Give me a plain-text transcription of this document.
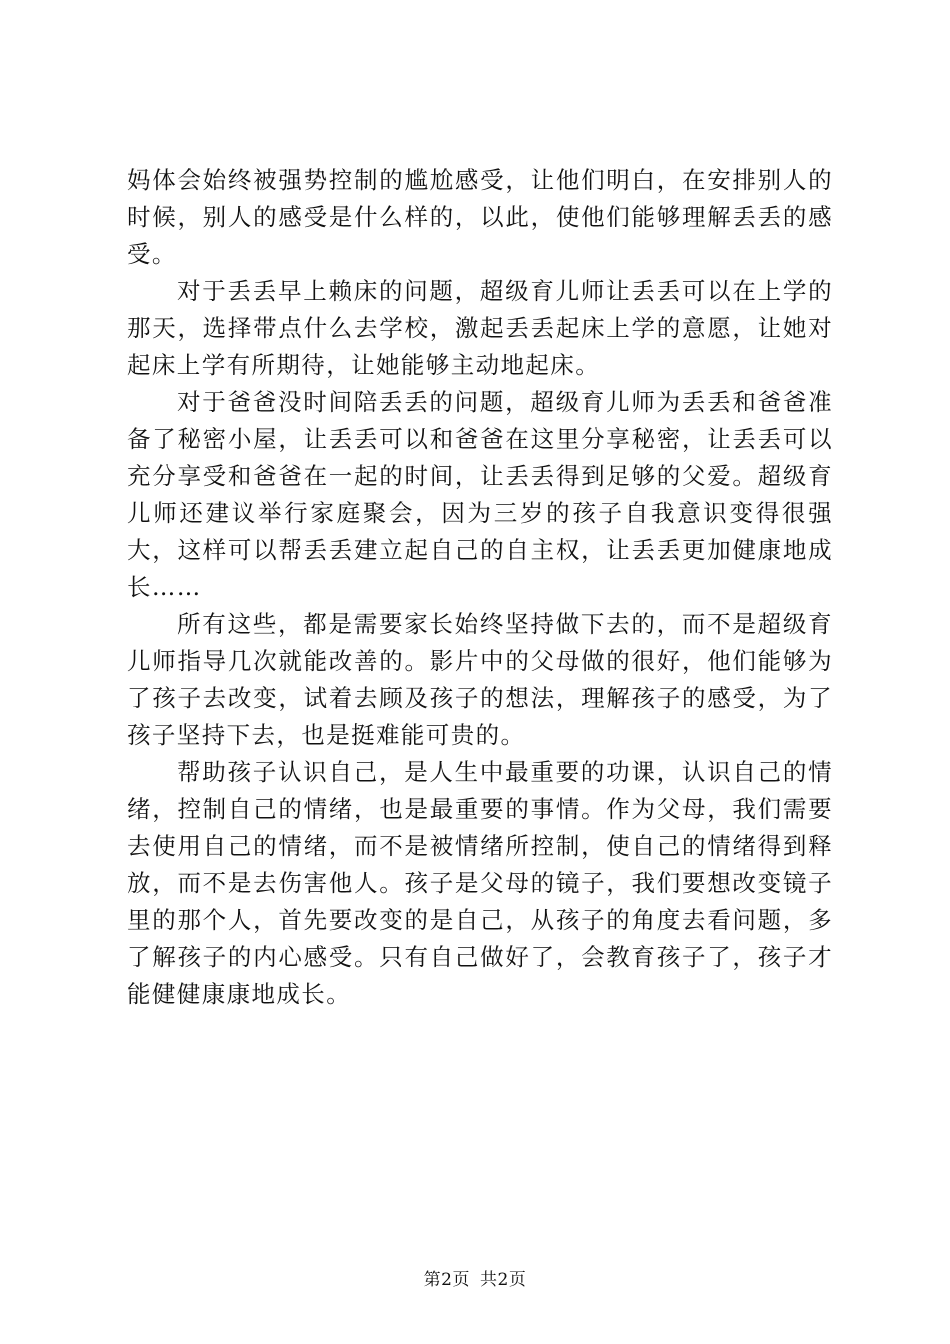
妈体会始终被强势控制的尴尬感受，让他们明白，在安排别人的时候，别人的感受是什么样的，以此，使他们能够理解丢丢的感受。

对于丢丢早上赖床的问题，超级育儿师让丢丢可以在上学的那天，选择带点什么去学校，激起丢丢起床上学的意愿，让她对起床上学有所期待，让她能够主动地起床。

对于爸爸没时间陪丢丢的问题，超级育儿师为丢丢和爸爸准备了秘密小屋，让丢丢可以和爸爸在这里分享秘密，让丢丢可以充分享受和爸爸在一起的时间，让丢丢得到足够的父爱。超级育儿师还建议举行家庭聚会，因为三岁的孩子自我意识变得很强大，这样可以帮丢丢建立起自己的自主权，让丢丢更加健康地成长……

所有这些，都是需要家长始终坚持做下去的，而不是超级育儿师指导几次就能改善的。影片中的父母做的很好，他们能够为了孩子去改变，试着去顾及孩子的想法，理解孩子的感受，为了孩子坚持下去，也是挺难能可贵的。

帮助孩子认识自己，是人生中最重要的功课，认识自己的情绪，控制自己的情绪，也是最重要的事情。作为父母，我们需要去使用自己的情绪，而不是被情绪所控制，使自己的情绪得到释放，而不是去伤害他人。孩子是父母的镜子，我们要想改变镜子里的那个人，首先要改变的是自己，从孩子的角度去看问题，多了解孩子的内心感受。只有自己做好了，会教育孩子了，孩子才能健健康康地成长。

第2页 共2页
